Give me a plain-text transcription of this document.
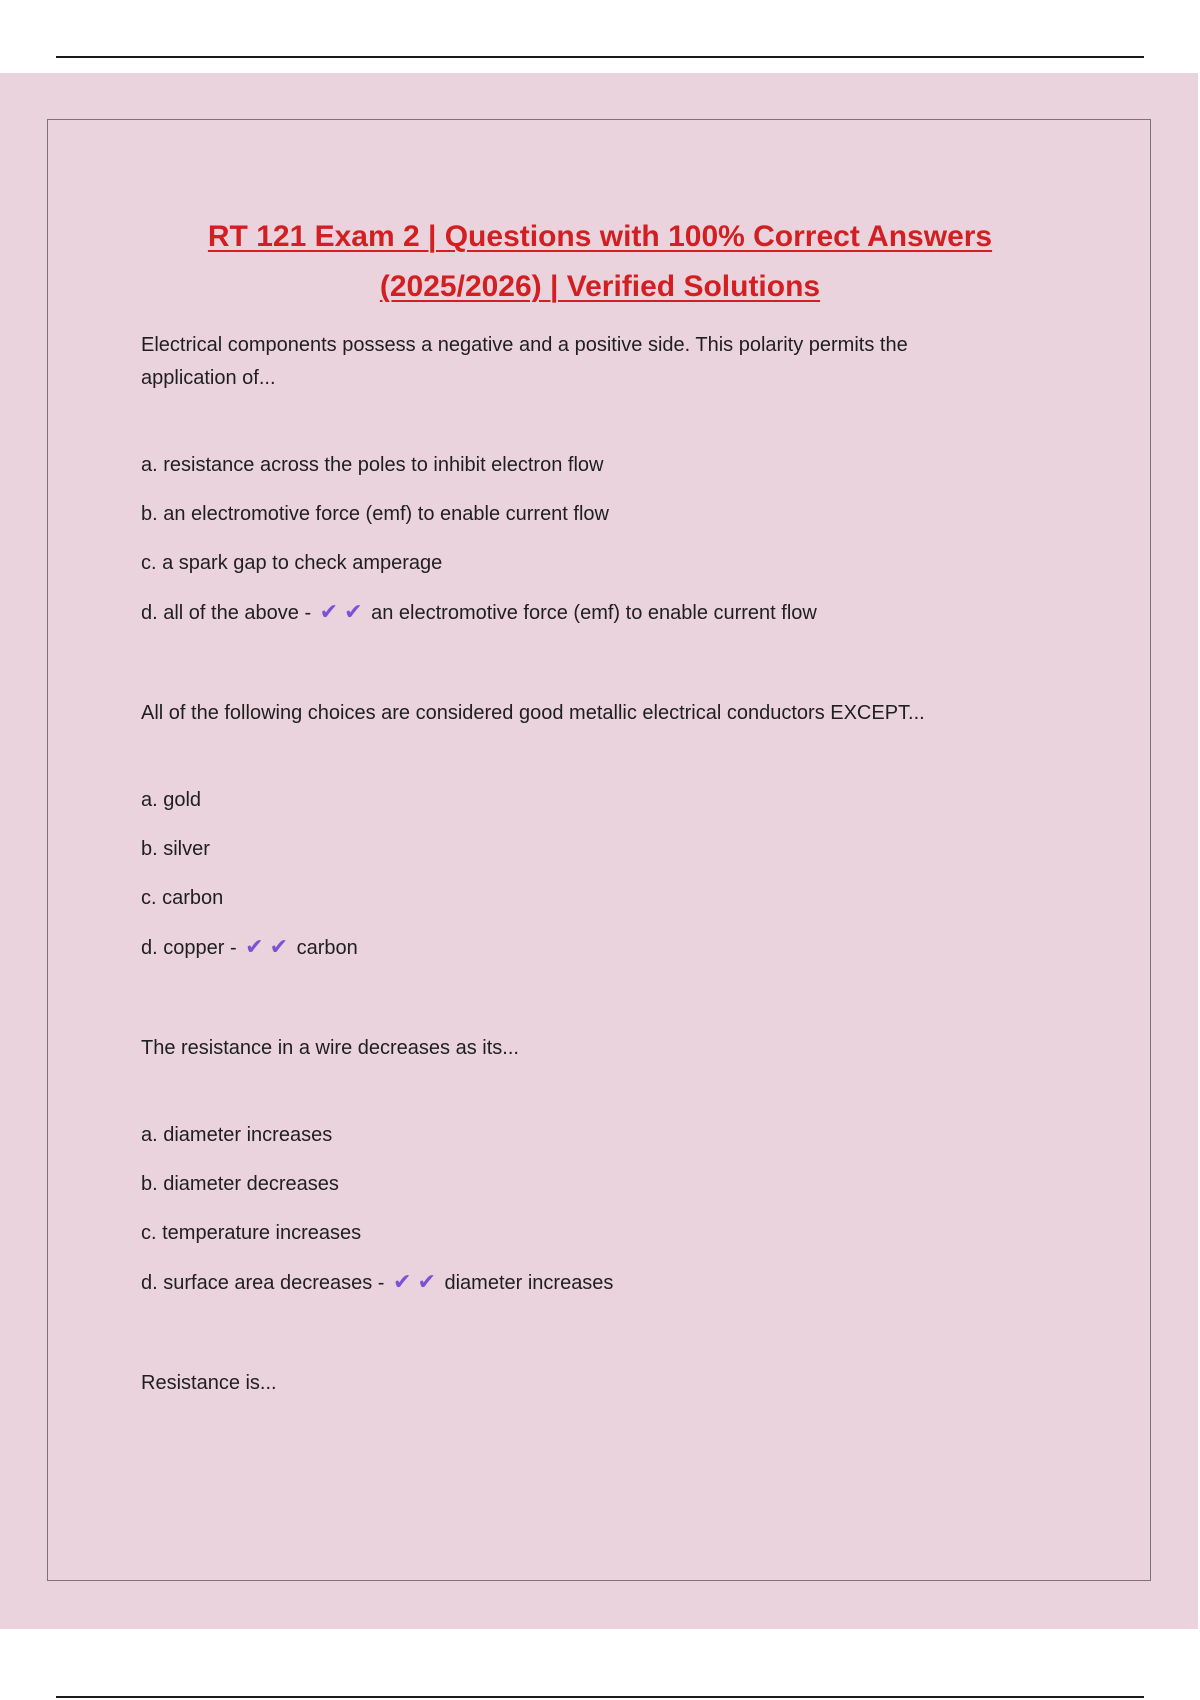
RT 121 Exam 2 | Questions with 100% Correct Answers
(2025/2026) | Verified Solutions

Electrical components possess a negative and a positive side. This polarity permits the application of...

a. resistance across the poles to inhibit electron flow
b. an electromotive force (emf) to enable current flow
c. a spark gap to check amperage
d. all of the above - ✔ ✔ an electromotive force (emf) to enable current flow

All of the following choices are considered good metallic electrical conductors EXCEPT...

a. gold
b. silver
c. carbon
d. copper - ✔ ✔ carbon

The resistance in a wire decreases as its...

a. diameter increases
b. diameter decreases
c. temperature increases
d. surface area decreases - ✔ ✔ diameter increases

Resistance is...
